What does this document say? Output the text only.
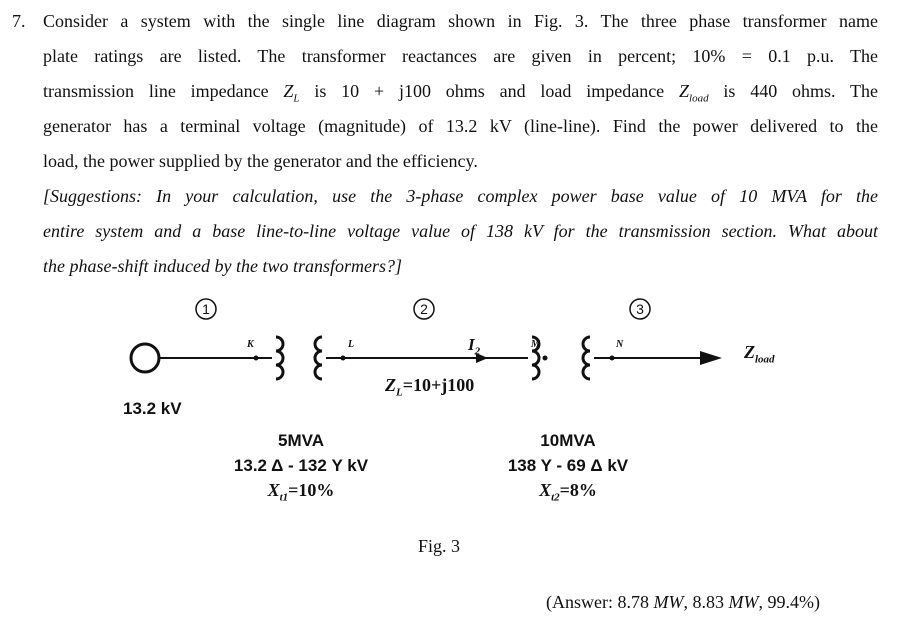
7. Consider a system with the single line diagram shown in Fig. 3. The three phase transformer name
plate ratings are listed. The transformer reactances are given in percent; 10% = 0.1 p.u. The
transmission line impedance $Z_L$ is 10 + j100 ohms and load impedance $Z_{load}$ is 440 ohms. The
generator has a terminal voltage (magnitude) of 13.2 kV (line-line). Find the power delivered to the
load, the power supplied by the generator and the efficiency.
[Suggestions: In your calculation, use the 3-phase complex power base value of 10 MVA for the
entire system and a base line-to-line voltage value of 138 kV for the transmission section. What about
the phase-shift induced by the two transformers?]
1	2	3
K	L	M	N
$I_2$
$Z_L=10+j100$
$Z_{load}$
13.2 kV
5MVA
13.2 Δ - 132 Y kV
$X_{t1}=10\%$
10MVA
138 Y - 69 Δ kV
$X_{t2}=8\%$
Fig. 3
(Answer: 8.78 MW, 8.83 MW, 99.4%)
